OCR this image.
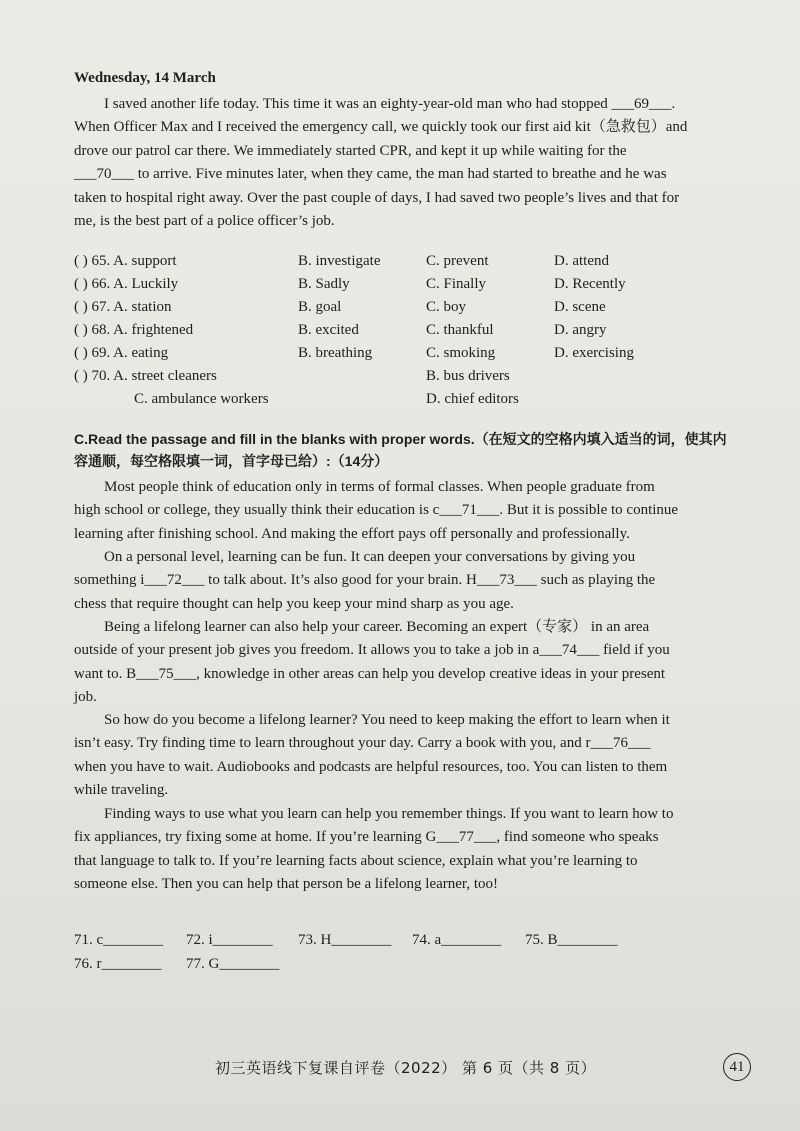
Wednesday, 14 March
I saved another life today. This time it was an eighty-year-old man who had stopped ___69___.
When Officer Max and I received the emergency call, we quickly took our first aid kit（急救包）and
drove our patrol car there. We immediately started CPR, and kept it up while waiting for the
___70___ to arrive. Five minutes later, when they came, the man had started to breathe and he was
taken to hospital right away. Over the past couple of days, I had saved two people’s lives and that for
me, is the best part of a police officer’s job.
( ) 65. A. support	B. investigate	C. prevent	D. attend
( ) 66. A. Luckily	B. Sadly	C. Finally	D. Recently
( ) 67. A. station	B. goal	C. boy	D. scene
( ) 68. A. frightened	B. excited	C. thankful	D. angry
( ) 69. A. eating	B. breathing	C. smoking	D. exercising
( ) 70. A. street cleaners	B. bus drivers
C. ambulance workers	D. chief editors
C.Read the passage and fill in the blanks with proper words.（在短文的空格内填入适当的词，使其内容通顺，每空格限填一词，首字母已给）:（14分）
Most people think of education only in terms of formal classes. When people graduate from
high school or college, they usually think their education is c___71___. But it is possible to continue
learning after finishing school. And making the effort pays off personally and professionally.
On a personal level, learning can be fun. It can deepen your conversations by giving you
something i___72___ to talk about. It’s also good for your brain. H___73___ such as playing the
chess that require thought can help you keep your mind sharp as you age.
Being a lifelong learner can also help your career. Becoming an expert（专家） in an area
outside of your present job gives you freedom. It allows you to take a job in a___74___ field if you
want to. B___75___, knowledge in other areas can help you develop creative ideas in your present
job.
So how do you become a lifelong learner? You need to keep making the effort to learn when it
isn’t easy. Try finding time to learn throughout your day. Carry a book with you, and r___76___
when you have to wait. Audiobooks and podcasts are helpful resources, too. You can listen to them
while traveling.
Finding ways to use what you learn can help you remember things. If you want to learn how to
fix appliances, try fixing some at home. If you’re learning G___77___, find someone who speaks
that language to talk to. If you’re learning facts about science, explain what you’re learning to
someone else. Then you can help that person be a lifelong learner, too!
71. c________ 72. i________ 73. H________ 74. a________ 75. B________
76. r________ 77. G________
初三英语线下复课自评卷（2022） 第 6 页（共 8 页）	41
